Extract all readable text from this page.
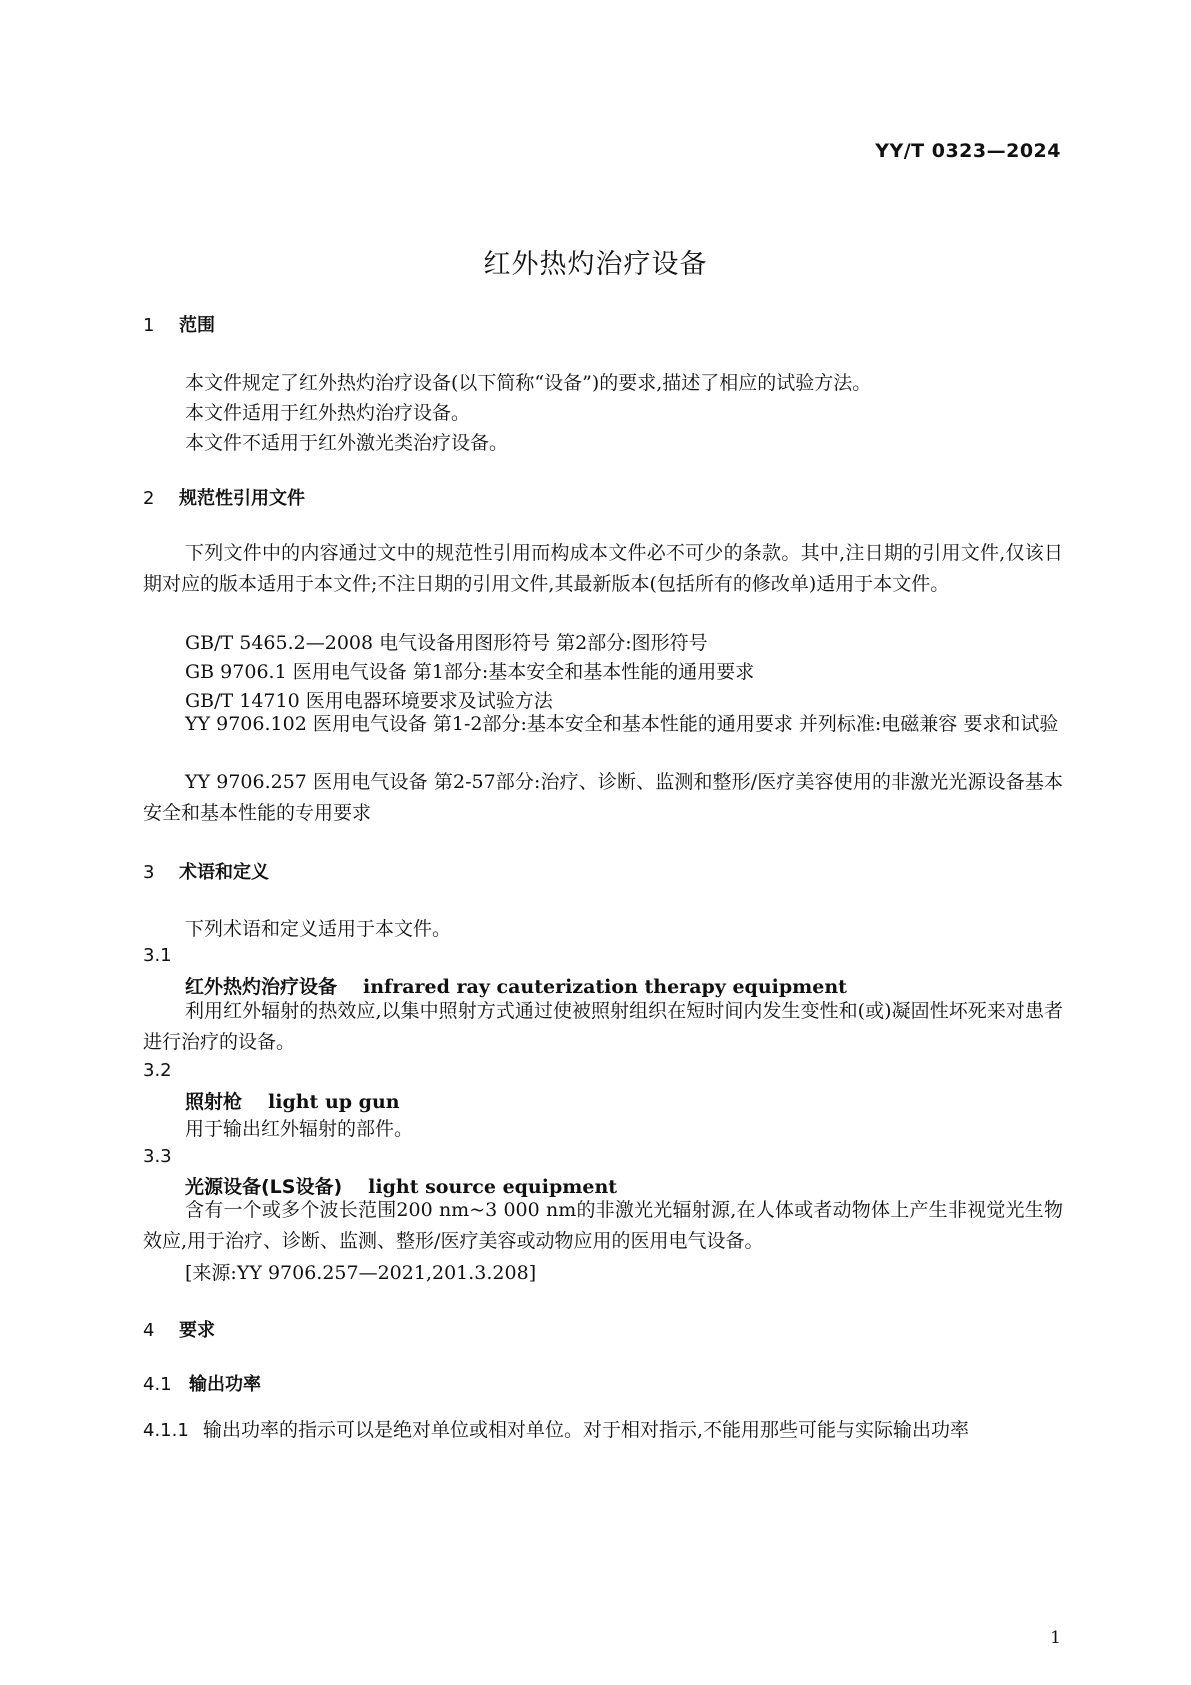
YY/T 0323—2024
红外热灼治疗设备
1 范围
本文件规定了红外热灼治疗设备(以下简称“设备”)的要求,描述了相应的试验方法。
本文件适用于红外热灼治疗设备。
本文件不适用于红外激光类治疗设备。
2 规范性引用文件
下列文件中的内容通过文中的规范性引用而构成本文件必不可少的条款。其中,注日期的引用文件,仅该日期对应的版本适用于本文件;不注日期的引用文件,其最新版本(包括所有的修改单)适用于本文件。
GB/T 5465.2—2008 电气设备用图形符号 第2部分:图形符号
GB 9706.1 医用电气设备 第1部分:基本安全和基本性能的通用要求
GB/T 14710 医用电器环境要求及试验方法
YY 9706.102 医用电气设备 第1-2部分:基本安全和基本性能的通用要求 并列标准:电磁兼容 要求和试验
YY 9706.257 医用电气设备 第2-57部分:治疗、诊断、监测和整形/医疗美容使用的非激光光源设备基本安全和基本性能的专用要求
3 术语和定义
下列术语和定义适用于本文件。
3.1
红外热灼治疗设备 infrared ray cauterization therapy equipment
利用红外辐射的热效应,以集中照射方式通过使被照射组织在短时间内发生变性和(或)凝固性坏死来对患者进行治疗的设备。
3.2
照射枪 light up gun
用于输出红外辐射的部件。
3.3
光源设备(LS设备) light source equipment
含有一个或多个波长范围200 nm~3 000 nm的非激光光辐射源,在人体或者动物体上产生非视觉光生物效应,用于治疗、诊断、监测、整形/医疗美容或动物应用的医用电气设备。
[来源:YY 9706.257—2021,201.3.208]
4 要求
4.1 输出功率
4.1.1 输出功率的指示可以是绝对单位或相对单位。对于相对指示,不能用那些可能与实际输出功率
1
